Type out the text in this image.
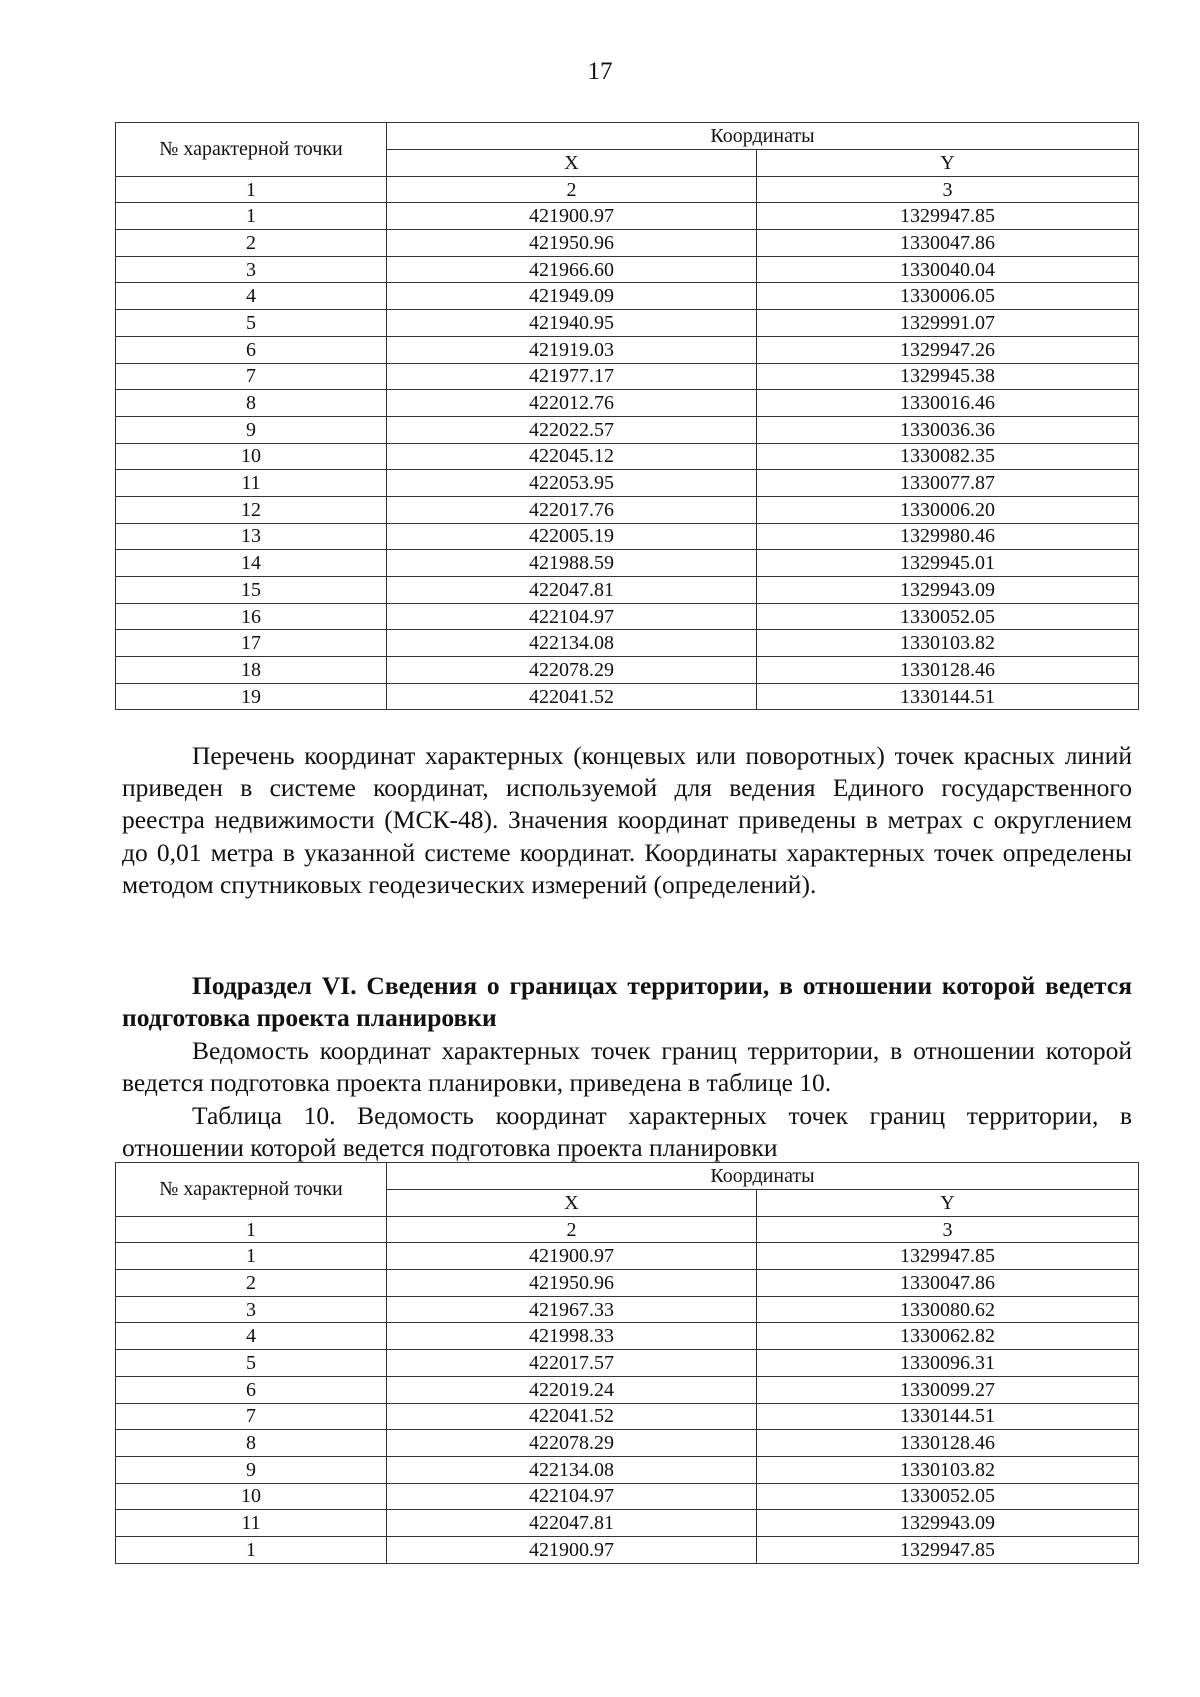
17
№ характерной точки	Координаты	
	X	Y
1	2	3
1	421900.97	1329947.85
2	421950.96	1330047.86
3	421966.60	1330040.04
4	421949.09	1330006.05
5	421940.95	1329991.07
6	421919.03	1329947.26
7	421977.17	1329945.38
8	422012.76	1330016.46
9	422022.57	1330036.36
10	422045.12	1330082.35
11	422053.95	1330077.87
12	422017.76	1330006.20
13	422005.19	1329980.46
14	421988.59	1329945.01
15	422047.81	1329943.09
16	422104.97	1330052.05
17	422134.08	1330103.82
18	422078.29	1330128.46
19	422041.52	1330144.51

Перечень координат характерных (концевых или поворотных) точек красных линий приведен в системе координат, используемой для ведения Единого государственного реестра недвижимости (МСК-48). Значения координат приведены в метрах с округлением до 0,01 метра в указанной системе координат. Координаты характерных точек определены методом спутниковых геодезических измерений (определений).

Подраздел VI. Сведения о границах территории, в отношении которой ведется подготовка проекта планировки

Ведомость координат характерных точек границ территории, в отношении которой ведется подготовка проекта планировки, приведена в таблице 10.

Таблица 10. Ведомость координат характерных точек границ территории, в отношении которой ведется подготовка проекта планировки

№ характерной точки	Координаты	
	X	Y
1	2	3
1	421900.97	1329947.85
2	421950.96	1330047.86
3	421967.33	1330080.62
4	421998.33	1330062.82
5	422017.57	1330096.31
6	422019.24	1330099.27
7	422041.52	1330144.51
8	422078.29	1330128.46
9	422134.08	1330103.82
10	422104.97	1330052.05
11	422047.81	1329943.09
1	421900.97	1329947.85
